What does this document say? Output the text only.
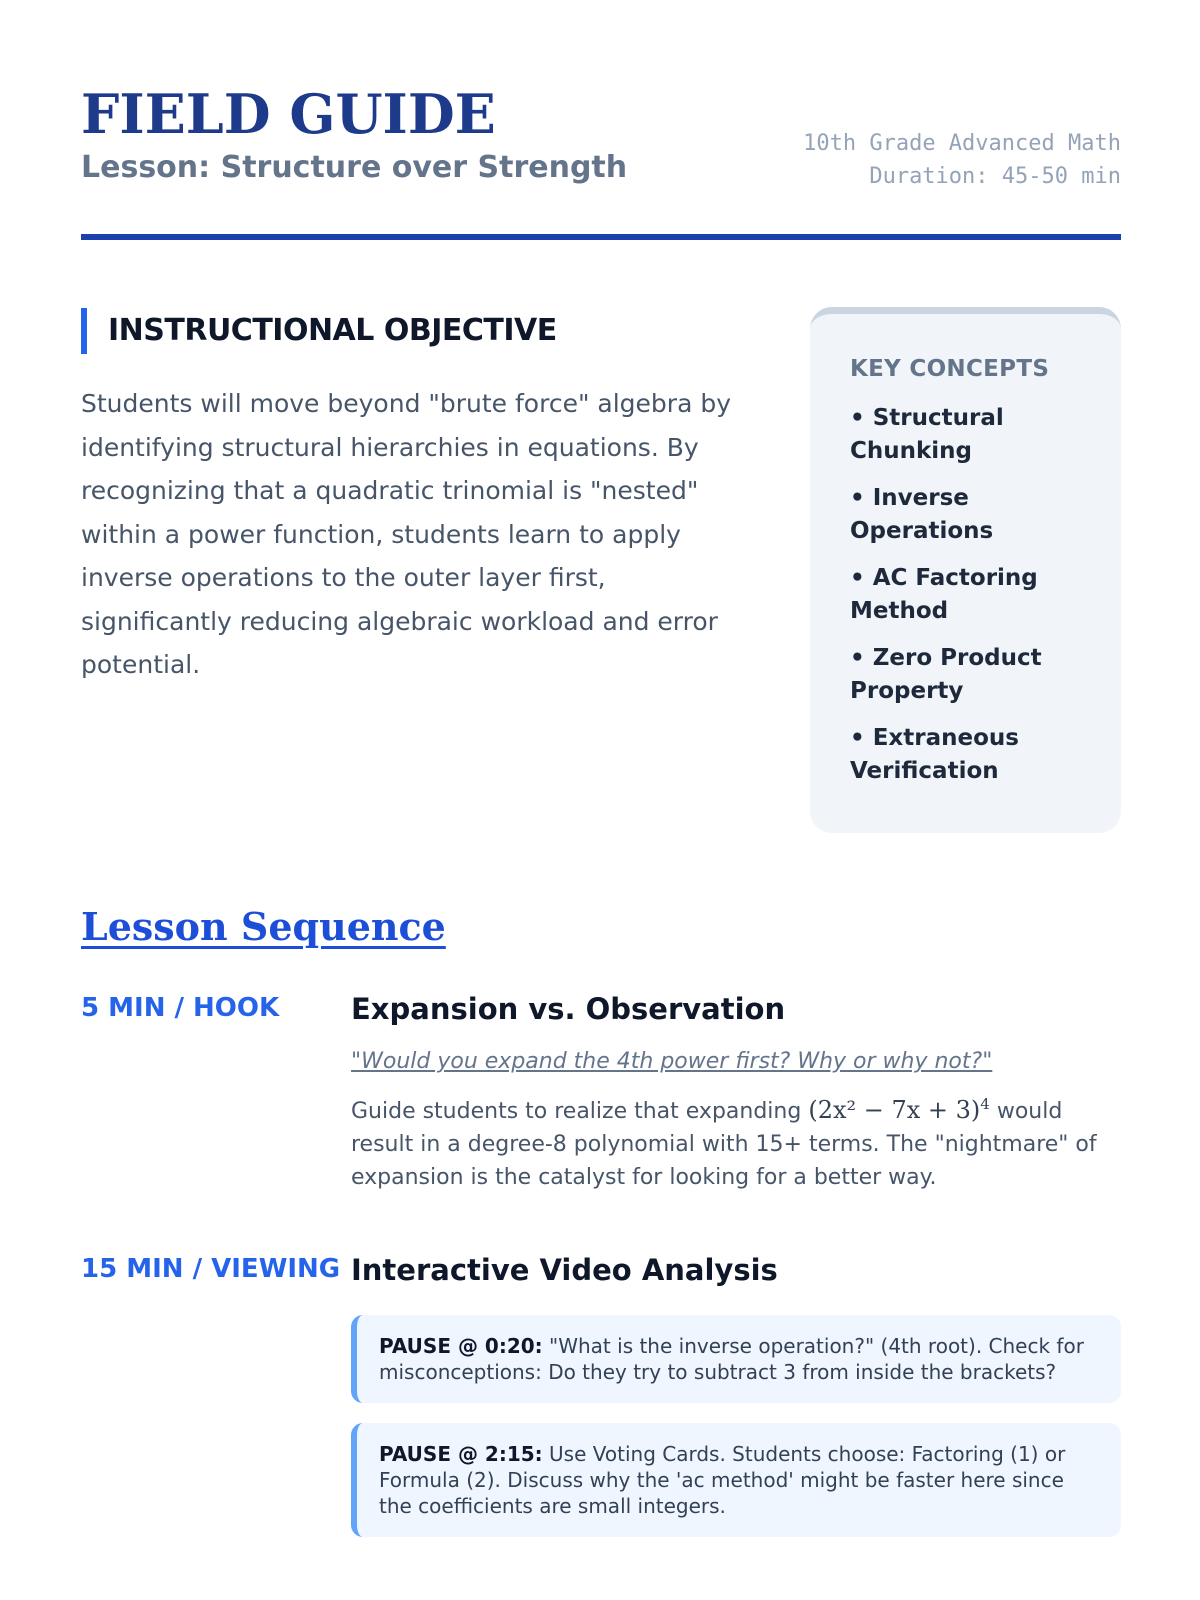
FIELD GUIDE
Lesson: Structure over Strength
10th Grade Advanced Math
Duration: 45-50 min
INSTRUCTIONAL OBJECTIVE

Students will move beyond "brute force" algebra by identifying structural hierarchies in equations. By recognizing that a quadratic trinomial is "nested" within a power function, students learn to apply inverse operations to the outer layer first, significantly reducing algebraic workload and error potential.

KEY CONCEPTS
• Structural Chunking
• Inverse Operations
• AC Factoring Method
• Zero Product Property
• Extraneous Verification
Lesson Sequence
5 MIN / HOOK Expansion vs. Observation

"Would you expand the 4th power first? Why or why not?"

Guide students to realize that expanding $(2x^2 - 7x + 3)^4$ would result in a degree-8 polynomial with 15+ terms. The "nightmare" of expansion is the catalyst for looking for a better way.

15 MIN / VIEWING Interactive Video Analysis
PAUSE @ 0:20: "What is the inverse operation?" (4th root). Check for misconceptions: Do they try to subtract 3 from inside the brackets?
PAUSE @ 2:15: Use Voting Cards. Students choose: Factoring (1) or Formula (2). Discuss why the 'ac method' might be faster here since the coefficients are small integers.
